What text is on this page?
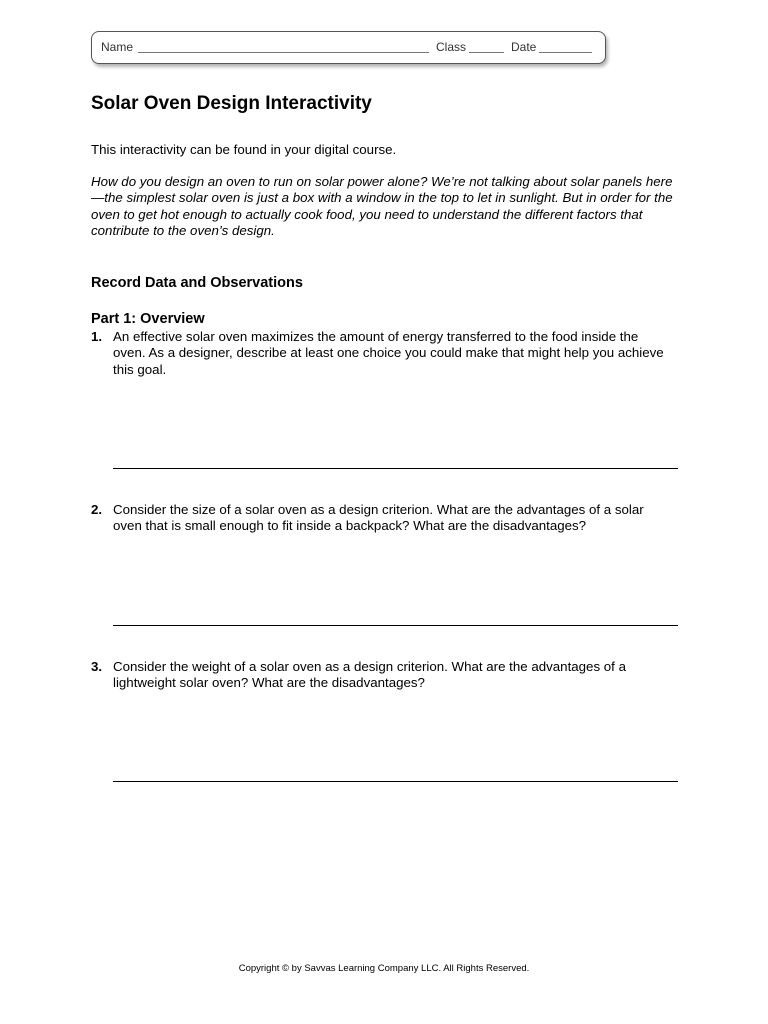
Name	Class	Date
Solar Oven Design Interactivity

This interactivity can be found in your digital course.

How do you design an oven to run on solar power alone? We’re not talking about solar panels here—the simplest solar oven is just a box with a window in the top to let in sunlight. But in order for the oven to get hot enough to actually cook food, you need to understand the different factors that contribute to the oven’s design.

Record Data and Observations
Part 1: Overview
1. An effective solar oven maximizes the amount of energy transferred to the food inside the oven. As a designer, describe at least one choice you could make that might help you achieve this goal.

2. Consider the size of a solar oven as a design criterion. What are the advantages of a solar oven that is small enough to fit inside a backpack? What are the disadvantages?

3. Consider the weight of a solar oven as a design criterion. What are the advantages of a lightweight solar oven? What are the disadvantages?

Copyright © by Savvas Learning Company LLC. All Rights Reserved.
